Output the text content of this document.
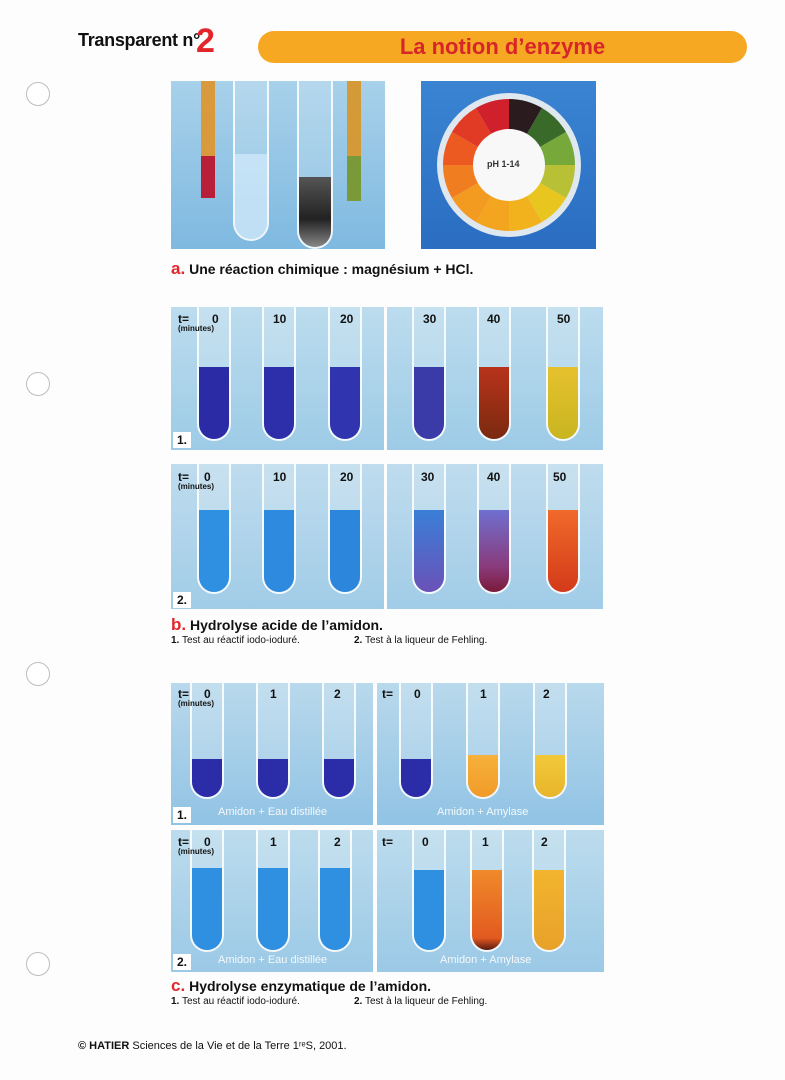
Transparent n°
2	La notion d’enzyme
pH 1-14
a. Une réaction chimique : magnésium + HCl.
t=
(minutes)
0	10	20	30	40	50
1.
t=
(minutes)
0	10	20	30	40	50
2.
b. Hydrolyse acide de l’amidon.
1. Test au réactif iodo-ioduré.	2. Test à la liqueur de Fehling.
t=
(minutes)
0	1	2	t= 0	1	2
Amidon + Eau distillée	Amidon + Amylase
1.
t=
(minutes)
0	1	2	t= 0	1	2
Amidon + Eau distillée	Amidon + Amylase
2.
c. Hydrolyse enzymatique de l’amidon.
1. Test au réactif iodo-ioduré.	2. Test à la liqueur de Fehling.
© HATIER Sciences de la Vie et de la Terre 1ʳᵉS, 2001.
